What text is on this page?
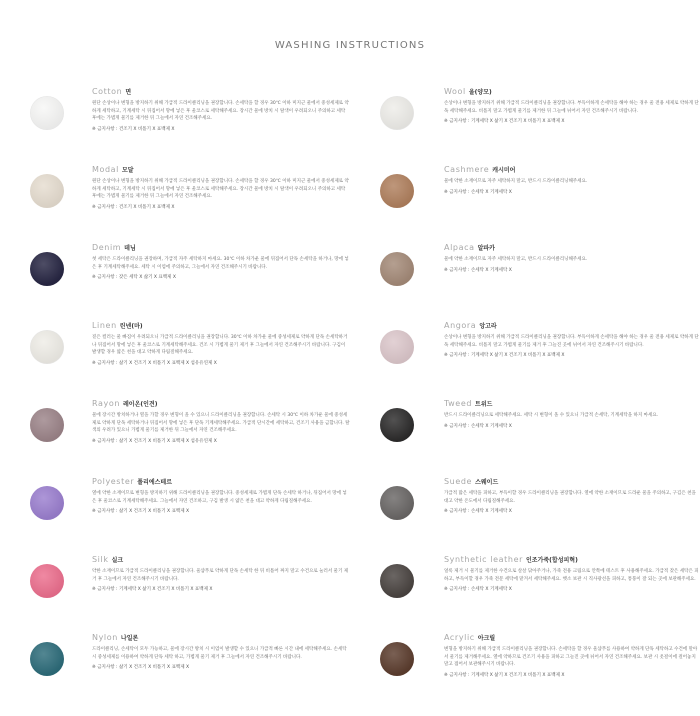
WASHING INSTRUCTIONS
Cotton 면
원단 손상이나 변형을 방지하기 위해 가급적 드라이클리닝을 권장합니다. 손세탁을 할 경우 30℃ 이하 미지근 물에서 중성세제로 약하게 세탁하고, 기계세탁 시 뒤집어서 망에 넣은 후 울코스로 세탁해주세요. 장시간 물에 방치 시 탈색이 우려되오니 주의하고 세탁 후에는 가볍게 물기를 제거한 뒤 그늘에서 자연 건조해주세요.
※ 금지사항 : 건조기 X 비틀기 X 표백제 X
Modal 모달
원단 손상이나 변형을 방지하기 위해 가급적 드라이클리닝을 권장합니다. 손세탁을 할 경우 30℃ 이하 미지근 물에서 중성세제로 약하게 세탁하고, 기계세탁 시 뒤집어서 망에 넣은 후 울코스로 세탁해주세요. 장시간 물에 방치 시 탈색이 우려되오니 주의하고 세탁 후에는 가볍게 물기를 제거한 뒤 그늘에서 자연 건조해주세요.
※ 금지사항 : 건조기 X 비틀기 X 표백제 X
Denim 데님
첫 세탁은 드라이클리닝을 권장하며, 가급적 자주 세탁하지 마세요. 30℃ 이하 차가운 물에 뒤집어서 단독 손세탁을 하거나, 망에 넣은 후 기계세탁해주세요. 세탁 시 이염에 주의하고, 그늘에서 자연 건조해주시기 바랍니다.
※ 금지사항 : 잦은 세탁 X 삶기 X 표백제 X
Linen 린넨(마)
짙은 컬러는 물 빠짐이 우려되오니 가급적 드라이클리닝을 권장합니다. 30℃ 이하 차가운 물에 중성세제로 약하게 단독 손세탁하거나 뒤집어서 망에 넣은 후 울코스로 기계세탁해주세요. 건조 시 가볍게 물기 제거 후 그늘에서 자연 건조해주시기 바랍니다. 구김이 발생할 경우 얇은 천을 대고 약하게 다림질해주세요.
※ 금지사항 : 삶기 X 건조기 X 비틀기 X 표백제 X 섬유유연제 X
Rayon 레이온(인견)
물에 장시간 방치하거나 열을 가할 경우 변형이 올 수 있으니 드라이클리닝을 권장합니다. 손세탁 시 30℃ 이하 차가운 물에 중성세제로 약하게 단독 세탁하거나 뒤집어서 망에 넣은 후 단독 기계세탁해주세요. 가급적 단시간에 세탁하고, 건조기 사용을 금합니다. 탈색의 우려가 있으니 가볍게 물기를 제거한 뒤 그늘에서 자연 건조해주세요.
※ 금지사항 : 삶기 X 건조기 X 비틀기 X 표백제 X 섬유유연제 X
Polyester 폴리에스테르
열에 약한 소재이므로 변형을 방지하기 위해 드라이클리닝을 권장합니다. 중성세제로 가볍게 단독 손세탁 하거나, 뒤집어서 망에 넣은 후 울코스로 기계세탁해주세요. 그늘에서 자연 건조하고, 구김 발생 시 얇은 천을 대고 약하게 다림질해주세요.
※ 금지사항 : 삶기 X 건조기 X 비틀기 X 표백제 X
Silk 실크
약한 소재이므로 가급적 드라이클리닝을 권장합니다. 울샴푸로 약하게 단독 손세탁 한 뒤 비틀어 짜지 말고 수건으로 눌러서 물기 제거 후 그늘에서 자연 건조해주시기 바랍니다.
※ 금지사항 : 기계세탁 X 삶기 X 건조기 X 비틀기 X 표백제 X
Nylon 나일론
드라이클리닝, 손세탁이 모두 가능하고, 물에 장시간 방치 시 이염이 발생할 수 있으니 가급적 빠른 시간 내에 세탁해주세요. 손세탁 시 중성세제를 이용하여 약하게 단독 세탁 하고, 가볍게 물기 제거 후 그늘에서 자연 건조해주시기 바랍니다.
※ 금지사항 : 삶기 X 건조기 X 비틀기 X 표백제 X
Wool 울(양모)
손상이나 변형을 방지하기 위해 가급적 드라이클리닝을 권장합니다. 부득이하게 손세탁을 해야 하는 경우 울 전용 세제로 약하게 단독 세탁해주세요. 비틀지 말고 가볍게 물기를 제거한 뒤 그늘에 뉘어서 자연 건조해주시기 바랍니다.
※ 금지사항 : 기계세탁 X 삶기 X 건조기 X 비틀기 X 표백제 X
Cashmere 캐시미어
물에 약한 소재이므로 자주 세탁하지 말고, 반드시 드라이클리닝해주세요.
※ 금지사항 : 손세탁 X 기계세탁 X
Alpaca 알파카
물에 약한 소재이므로 자주 세탁하지 말고, 반드시 드라이클리닝해주세요.
※ 금지사항 : 손세탁 X 기계세탁 X
Angora 앙고라
손상이나 변형을 방지하기 위해 가급적 드라이클리닝을 권장합니다. 부득이하게 손세탁을 해야 하는 경우 울 전용 세제로 약하게 단독 세탁해주세요. 비틀지 말고 가볍게 물기를 제거 후 그늘진 곳에 뉘어서 자연 건조해주시기 바랍니다.
※ 금지사항 : 기계세탁 X 삶기 X 건조기 X 비틀기 X 표백제 X
Tweed 트위드
반드시 드라이클리닝으로 세탁해주세요. 세탁 시 변형이 올 수 있으니 가급적 손세탁, 기계세탁을 하지 마세요.
※ 금지사항 : 손세탁 X 기계세탁 X
Suede 스웨이드
가급적 많은 세탁을 피하고, 부득이할 경우 드라이클리닝을 권장합니다. 열에 약한 소재이므로 드라운 물을 주의하고, 구김은 천을 대고 약한 온도에서 다림질해주세요.
※ 금지사항 : 손세탁 X 기계세탁 X
Synthetic leather 인조가죽(합성피혁)
얼룩 제거 시 물기를 제거한 수건으로 살살 닦아주거나, 가죽 전용 크림으로 안쪽에 테스트 후 사용해주세요. 가급적 잦은 세탁은 피하고, 부득이할 경우 가죽 전문 세탁에 맡겨서 세탁해주세요. 햇소 보관 시 직사광선을 피하고, 통풍이 잘 되는 곳에 보관해주세요.
※ 금지사항 : 손세탁 X 기계세탁 X
Acrylic 아크릴
변형을 방지하기 위해 가급적 드라이클리닝을 권장합니다. 손세탁을 할 경우 울샴푸를 사용하여 약하게 단독 세탁하고 수건에 말아서 물기를 제거해주세요. 열에 약하므로 건조기 사용을 피하고 그늘진 곳에 뉘어서 자연 건조해주세요. 보관 시 옷걸이에 걸어놓지 말고 접어서 보관해주시기 바랍니다.
※ 금지사항 : 기계세탁 X 삶기 X 건조기 X 비틀기 X 표백제 X
